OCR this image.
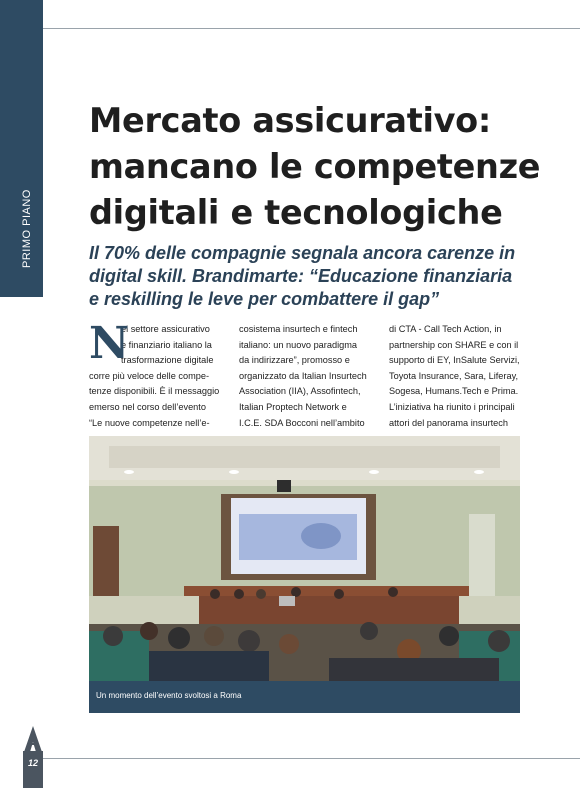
PRIMO PIANO
Mercato assicurativo:
mancano le competenze
digitali e tecnologiche
Il 70% delle compagnie segnala ancora carenze in
digital skill. Brandimarte: “Educazione finanziaria
e reskilling le leve per combattere il gap”
N
el settore assicurativo
e finanziario italiano la
trasformazione digitale
corre più veloce delle compe-
tenze disponibili. È il messaggio
emerso nel corso dell’evento
“Le nuove competenze nell’e-
cosistema insurtech e fintech
italiano: un nuovo paradigma
da indirizzare”, promosso e
organizzato da Italian Insurtech
Association (IIA), Assofintech,
Italian Proptech Network e
I.C.E. SDA Bocconi nell’ambito
di CTA - Call Tech Action, in
partnership con SHARE e con il
supporto di EY, InSalute Servizi,
Toyota Insurance, Sara, Liferay,
Sogesa, Humans.Tech e Prima.
L’iniziativa ha riunito i principali
attori del panorama insurtech
Un momento dell’evento svoltosi a Roma
12
